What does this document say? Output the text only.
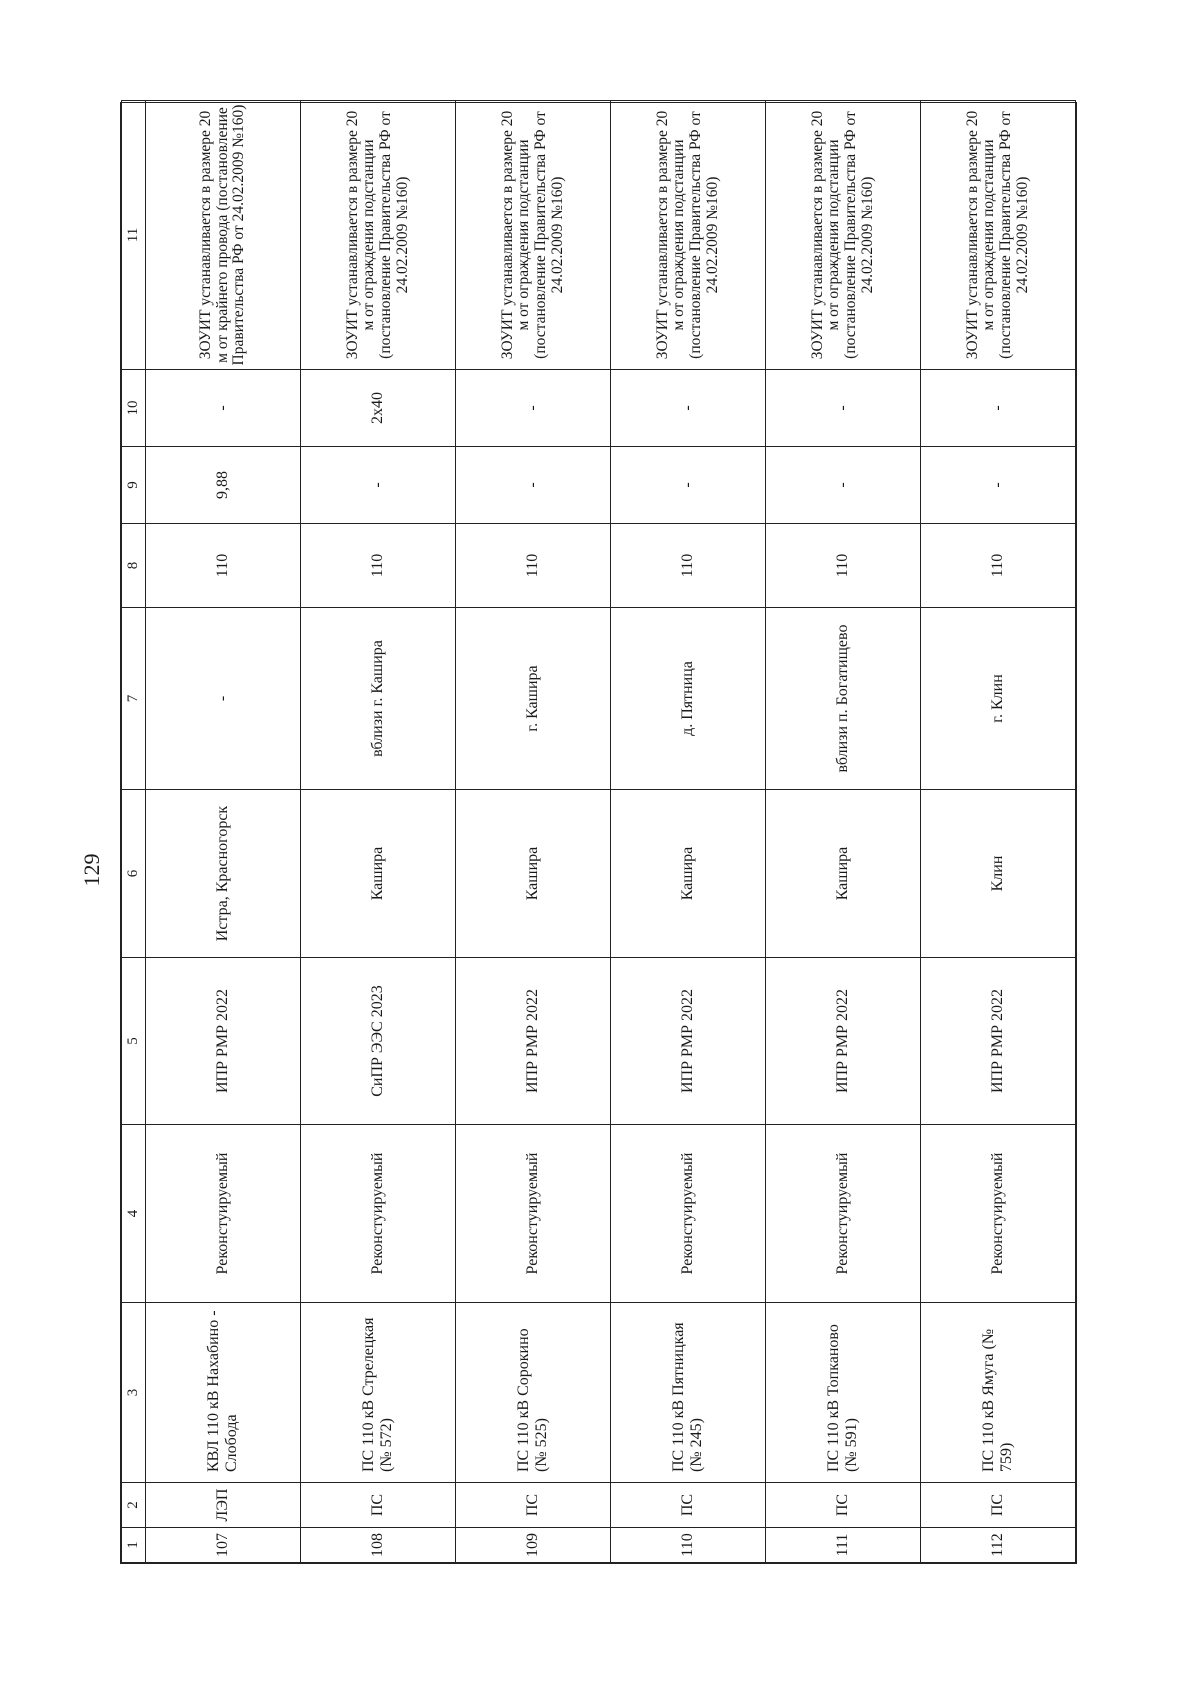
129
1	2	3	4	5	6	7	8	9	10	11
107	ЛЭП	КВЛ 110 кВ Нахабино - Слобода	Реконстуируемый	ИПР РМР 2022	Истра, Красногорск	-	110	9,88	-	ЗОУИТ устанавливается в размере 20 м от крайнего провода (постановление Правительства РФ от 24.02.2009 №160)
108	ПС	ПС 110 кВ Стрелецкая (№ 572)	Реконстуируемый	СиПР ЭЭС 2023	Кашира	вблизи г. Кашира	110	-	2х40	ЗОУИТ устанавливается в размере 20 м от ограждения подстанции (постановление Правительства РФ от 24.02.2009 №160)
109	ПС	ПС 110 кВ Сорокино (№ 525)	Реконстуируемый	ИПР РМР 2022	Кашира	г. Кашира	110	-	-	ЗОУИТ устанавливается в размере 20 м от ограждения подстанции (постановление Правительства РФ от 24.02.2009 №160)
110	ПС	ПС 110 кВ Пятницкая (№ 245)	Реконстуируемый	ИПР РМР 2022	Кашира	д. Пятница	110	-	-	ЗОУИТ устанавливается в размере 20 м от ограждения подстанции (постановление Правительства РФ от 24.02.2009 №160)
111	ПС	ПС 110 кВ Топканово (№ 591)	Реконстуируемый	ИПР РМР 2022	Кашира	вблизи п. Богатищево	110	-	-	ЗОУИТ устанавливается в размере 20 м от ограждения подстанции (постановление Правительства РФ от 24.02.2009 №160)
112	ПС	ПС 110 кВ Ямуга (№ 759)	Реконстуируемый	ИПР РМР 2022	Клин	г. Клин	110	-	-	ЗОУИТ устанавливается в размере 20 м от ограждения подстанции (постановление Правительства РФ от 24.02.2009 №160)
